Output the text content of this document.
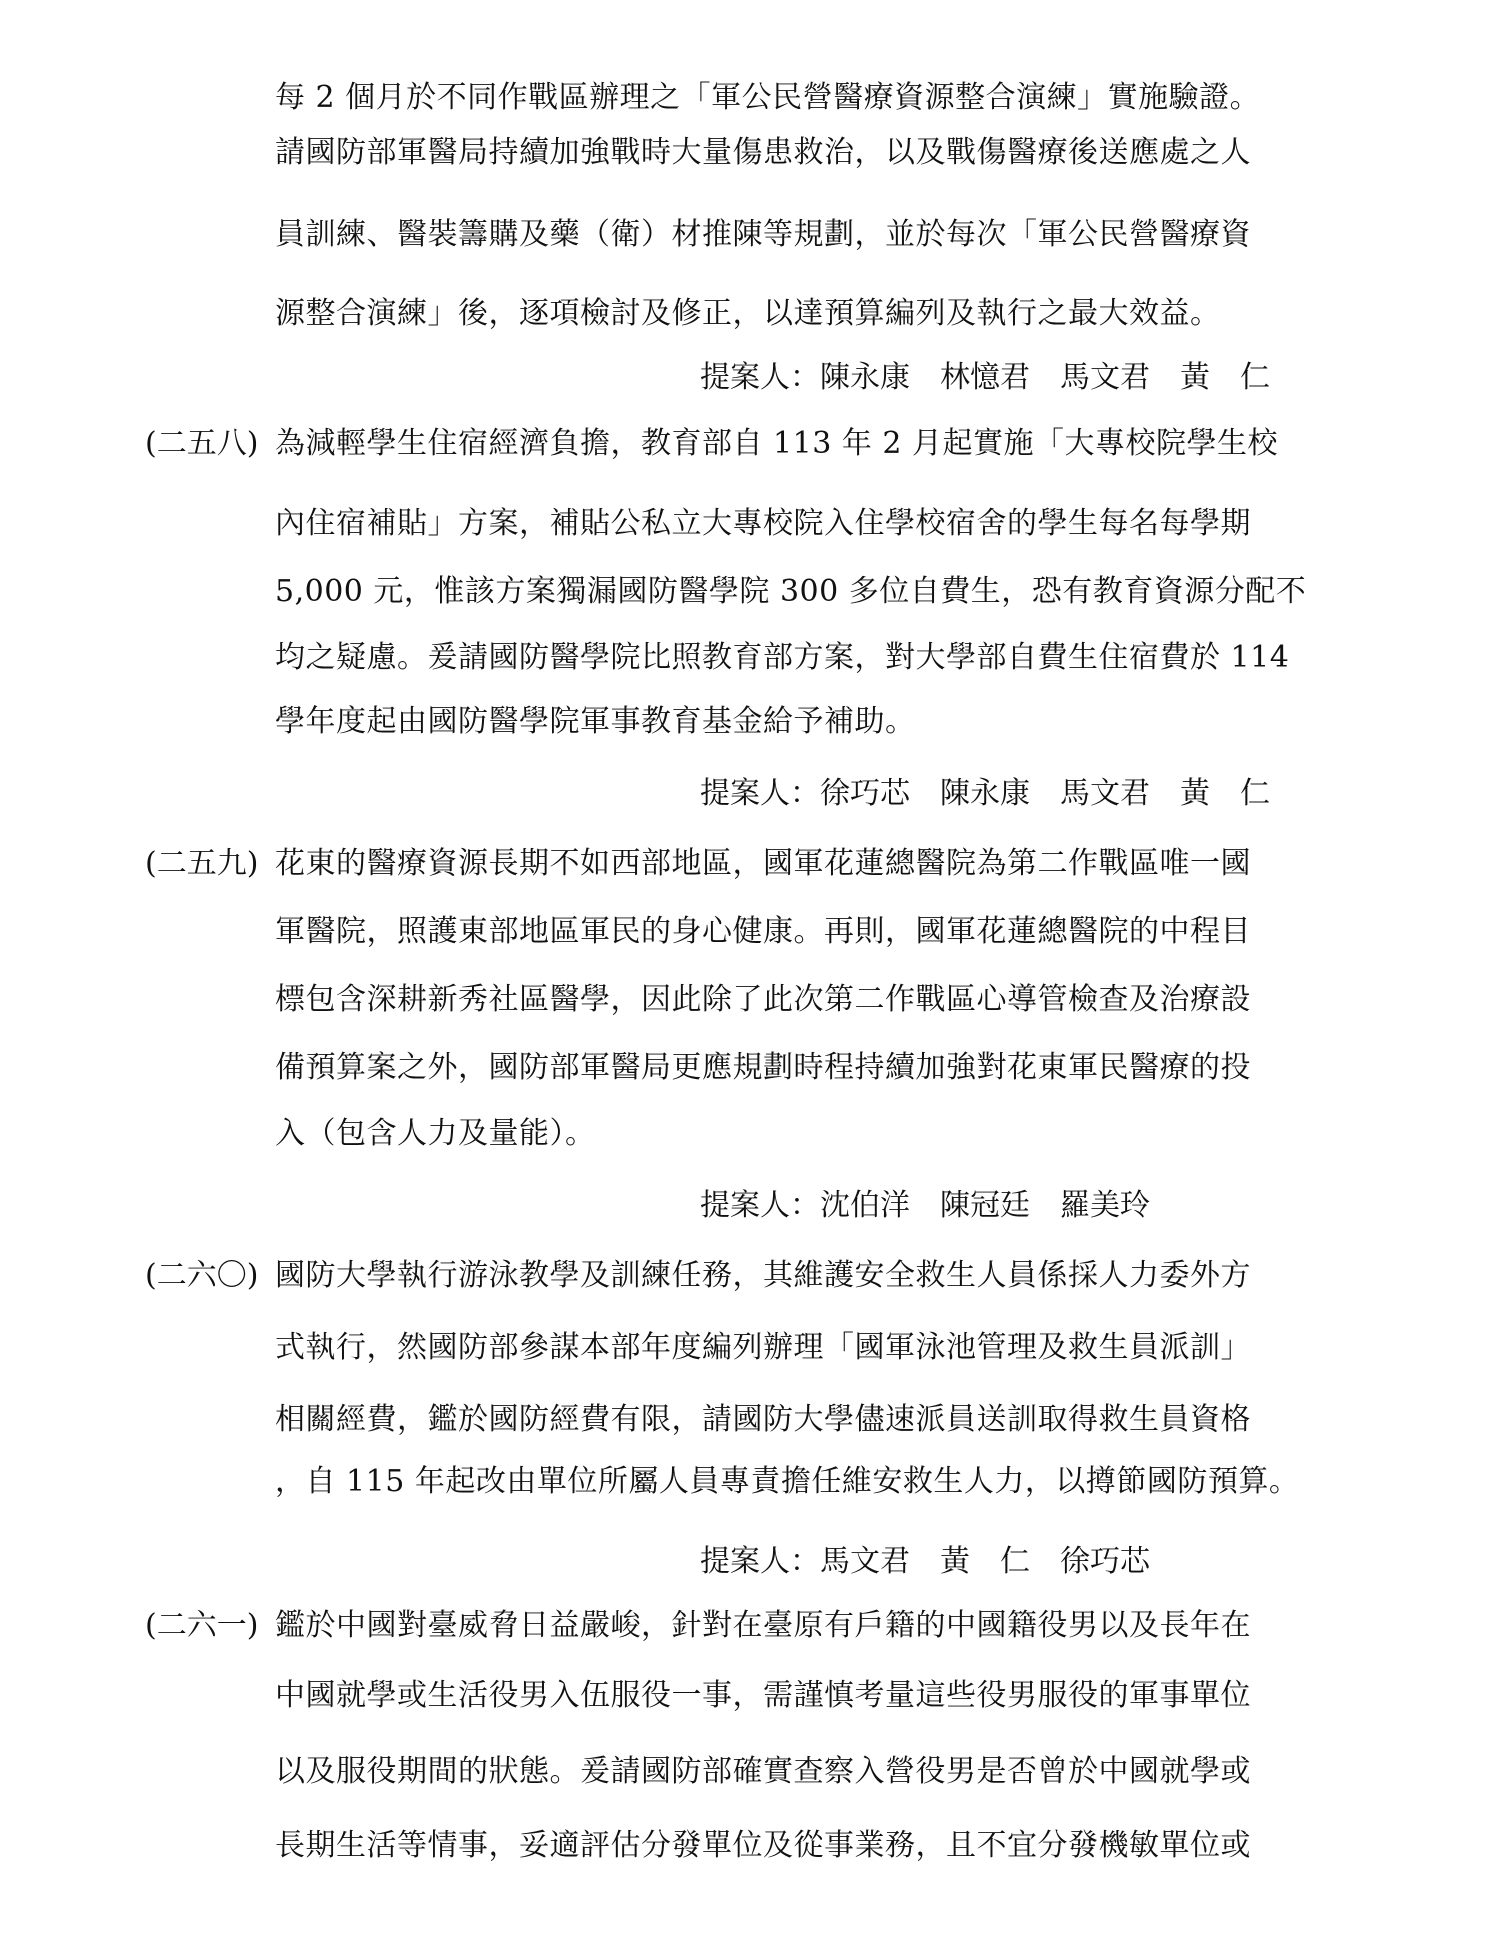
每 2 個月於不同作戰區辦理之「軍公民營醫療資源整合演練」實施驗證。
請國防部軍醫局持續加強戰時大量傷患救治，以及戰傷醫療後送應處之人
員訓練、醫裝籌購及藥（衛）材推陳等規劃，並於每次「軍公民營醫療資
源整合演練」後，逐項檢討及修正，以達預算編列及執行之最大效益。
提案人：陳永康　林憶君　馬文君　黃　仁
(二五八) 為減輕學生住宿經濟負擔，教育部自 113 年 2 月起實施「大專校院學生校
內住宿補貼」方案，補貼公私立大專校院入住學校宿舍的學生每名每學期
5,000 元，惟該方案獨漏國防醫學院 300 多位自費生，恐有教育資源分配不
均之疑慮。爰請國防醫學院比照教育部方案，對大學部自費生住宿費於 114
學年度起由國防醫學院軍事教育基金給予補助。
提案人：徐巧芯　陳永康　馬文君　黃　仁
(二五九) 花東的醫療資源長期不如西部地區，國軍花蓮總醫院為第二作戰區唯一國
軍醫院，照護東部地區軍民的身心健康。再則，國軍花蓮總醫院的中程目
標包含深耕新秀社區醫學，因此除了此次第二作戰區心導管檢查及治療設
備預算案之外，國防部軍醫局更應規劃時程持續加強對花東軍民醫療的投
入（包含人力及量能）。
提案人：沈伯洋　陳冠廷　羅美玲
(二六〇) 國防大學執行游泳教學及訓練任務，其維護安全救生人員係採人力委外方
式執行，然國防部參謀本部年度編列辦理「國軍泳池管理及救生員派訓」
相關經費，鑑於國防經費有限，請國防大學儘速派員送訓取得救生員資格
，自 115 年起改由單位所屬人員專責擔任維安救生人力，以撙節國防預算。
提案人：馬文君　黃　仁　徐巧芯
(二六一) 鑑於中國對臺威脅日益嚴峻，針對在臺原有戶籍的中國籍役男以及長年在
中國就學或生活役男入伍服役一事，需謹慎考量這些役男服役的軍事單位
以及服役期間的狀態。爰請國防部確實查察入營役男是否曾於中國就學或
長期生活等情事，妥適評估分發單位及從事業務，且不宜分發機敏單位或
